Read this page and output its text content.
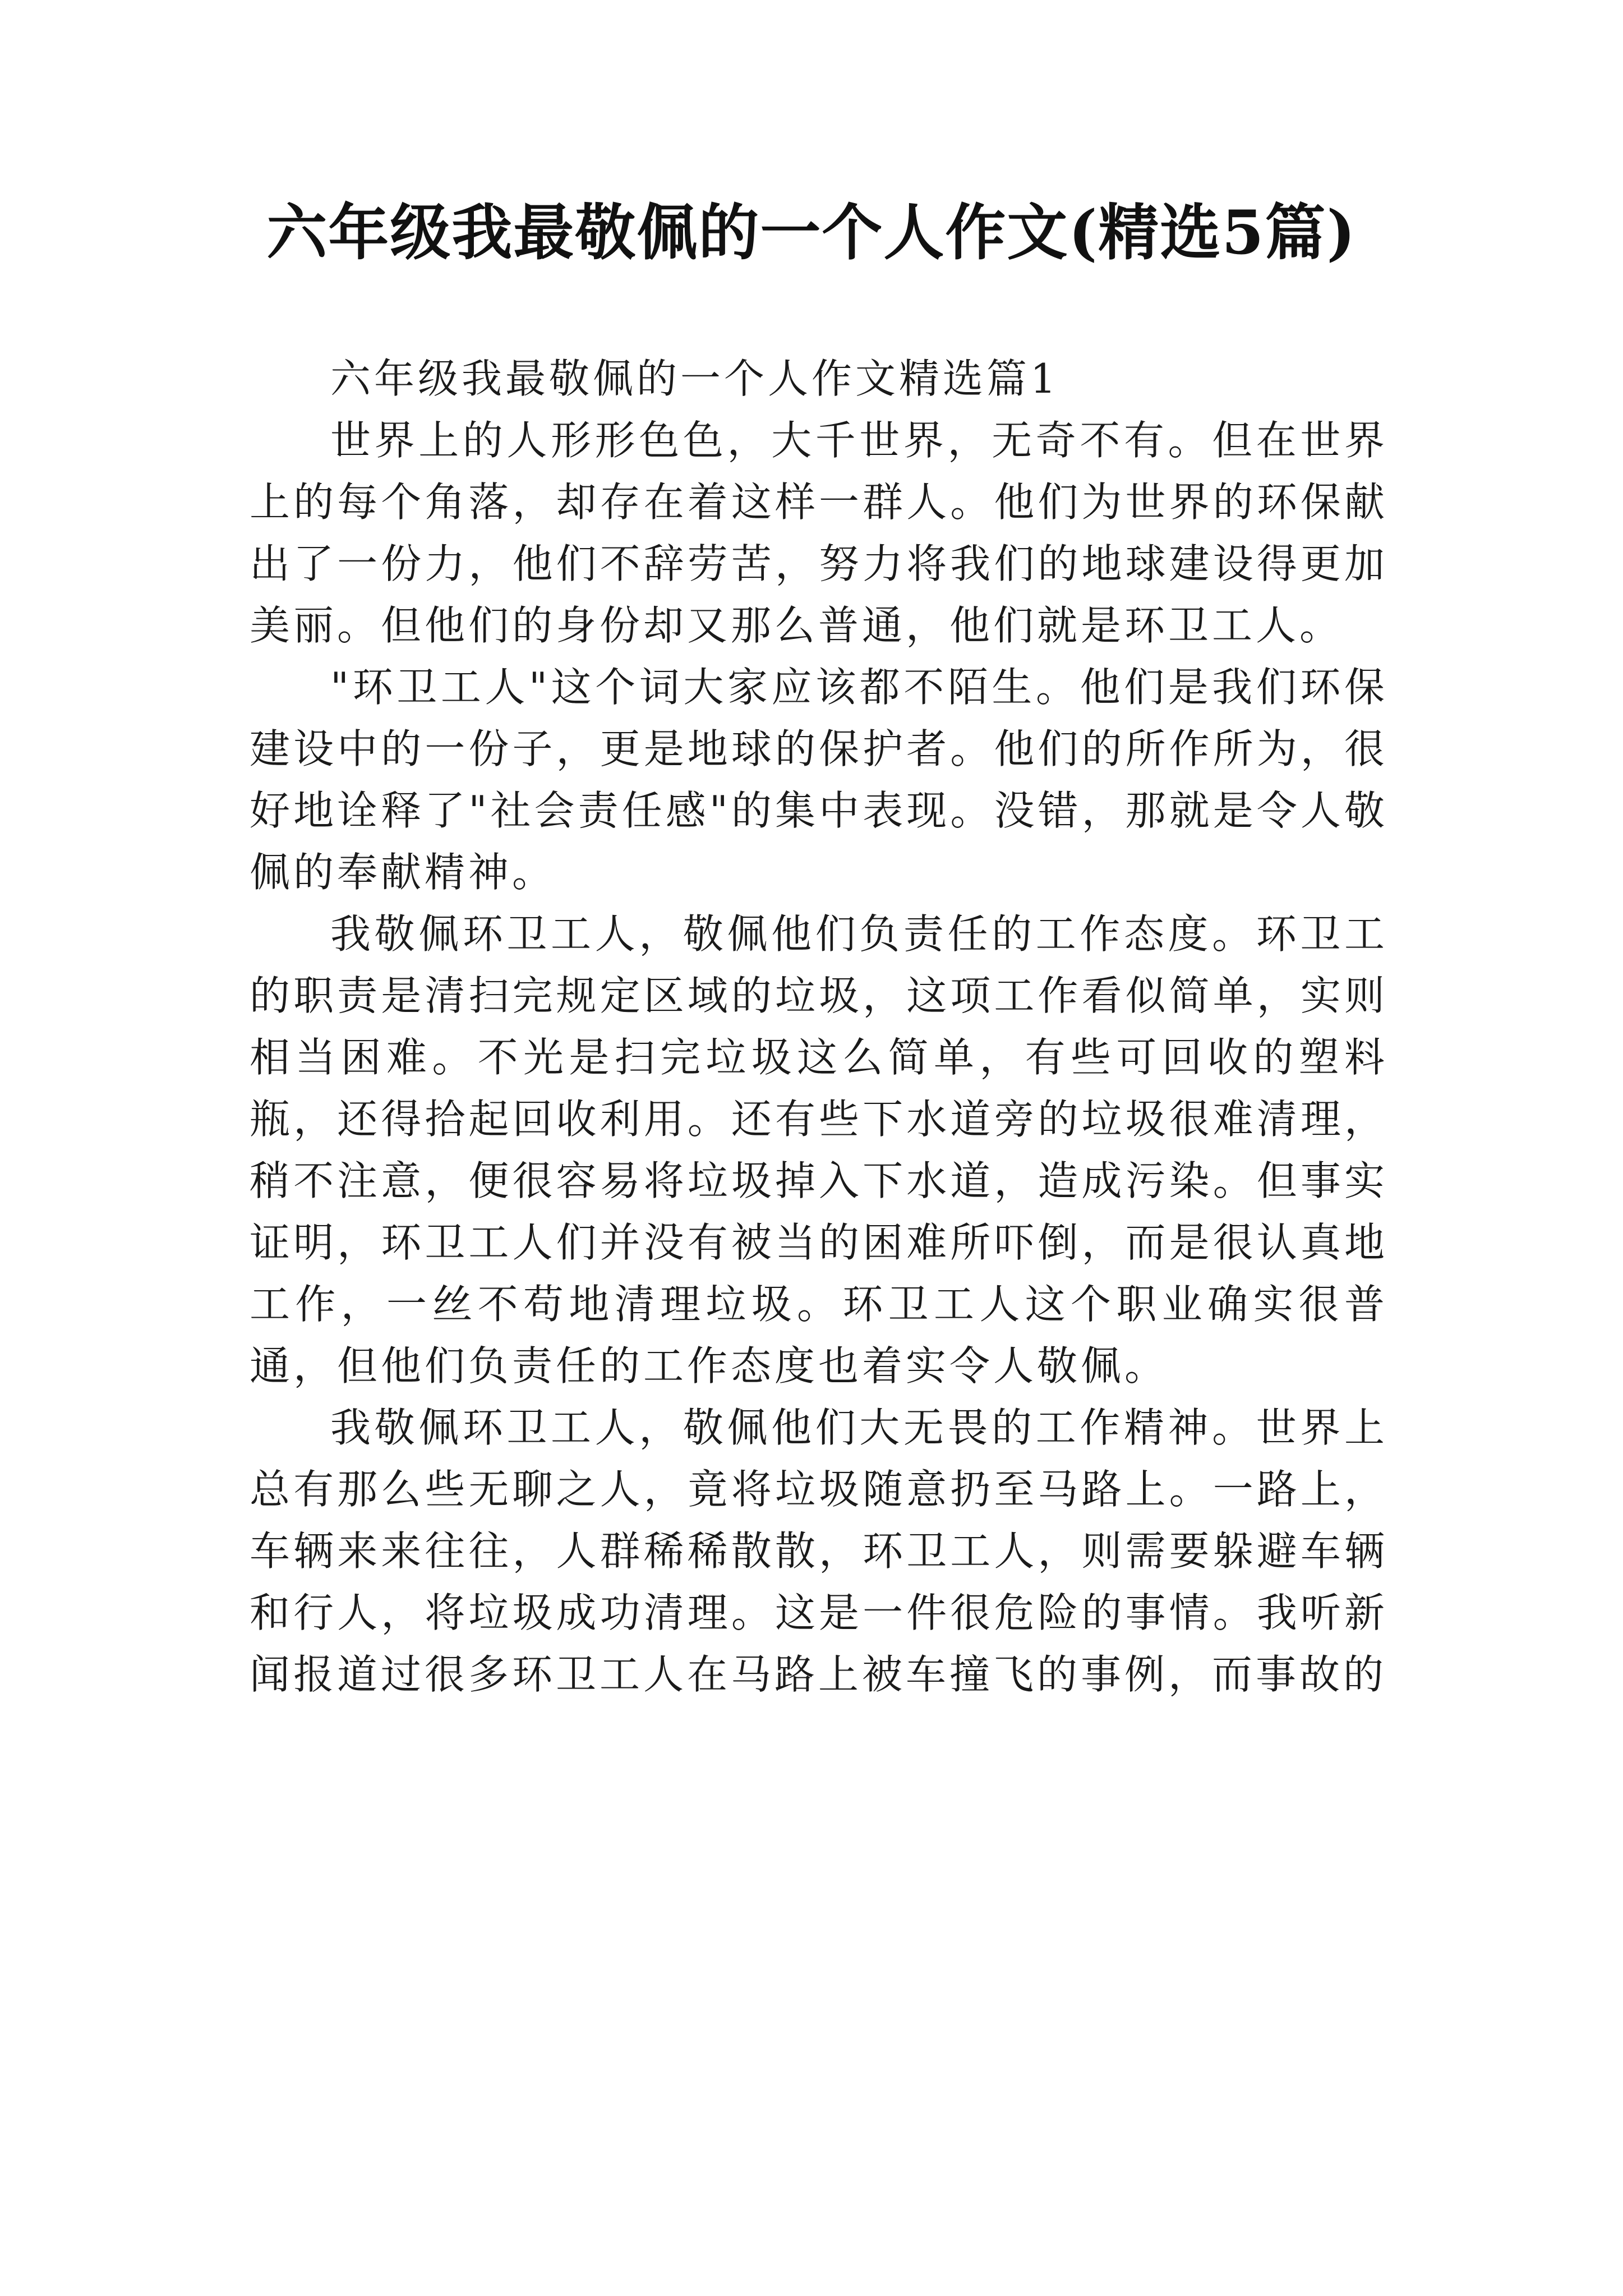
六年级我最敬佩的一个人作文(精选5篇)

六年级我最敬佩的一个人作文精选篇1

世界上的人形形色色，大千世界，无奇不有。但在世界上的每个角落，却存在着这样一群人。他们为世界的环保献出了一份力，他们不辞劳苦，努力将我们的地球建设得更加美丽。但他们的身份却又那么普通，他们就是环卫工人。

"环卫工人"这个词大家应该都不陌生。他们是我们环保建设中的一份子，更是地球的保护者。他们的所作所为，很好地诠释了"社会责任感"的集中表现。没错，那就是令人敬佩的奉献精神。

我敬佩环卫工人，敬佩他们负责任的工作态度。环卫工的职责是清扫完规定区域的垃圾，这项工作看似简单，实则相当困难。不光是扫完垃圾这么简单，有些可回收的塑料瓶，还得拾起回收利用。还有些下水道旁的垃圾很难清理，稍不注意，便很容易将垃圾掉入下水道，造成污染。但事实证明，环卫工人们并没有被当的困难所吓倒，而是很认真地工作，一丝不苟地清理垃圾。环卫工人这个职业确实很普通，但他们负责任的工作态度也着实令人敬佩。

我敬佩环卫工人，敬佩他们大无畏的工作精神。世界上总有那么些无聊之人，竟将垃圾随意扔至马路上。一路上，车辆来来往往，人群稀稀散散，环卫工人，则需要躲避车辆和行人，将垃圾成功清理。这是一件很危险的事情。我听新闻报道过很多环卫工人在马路上被车撞飞的事例，而事故的
